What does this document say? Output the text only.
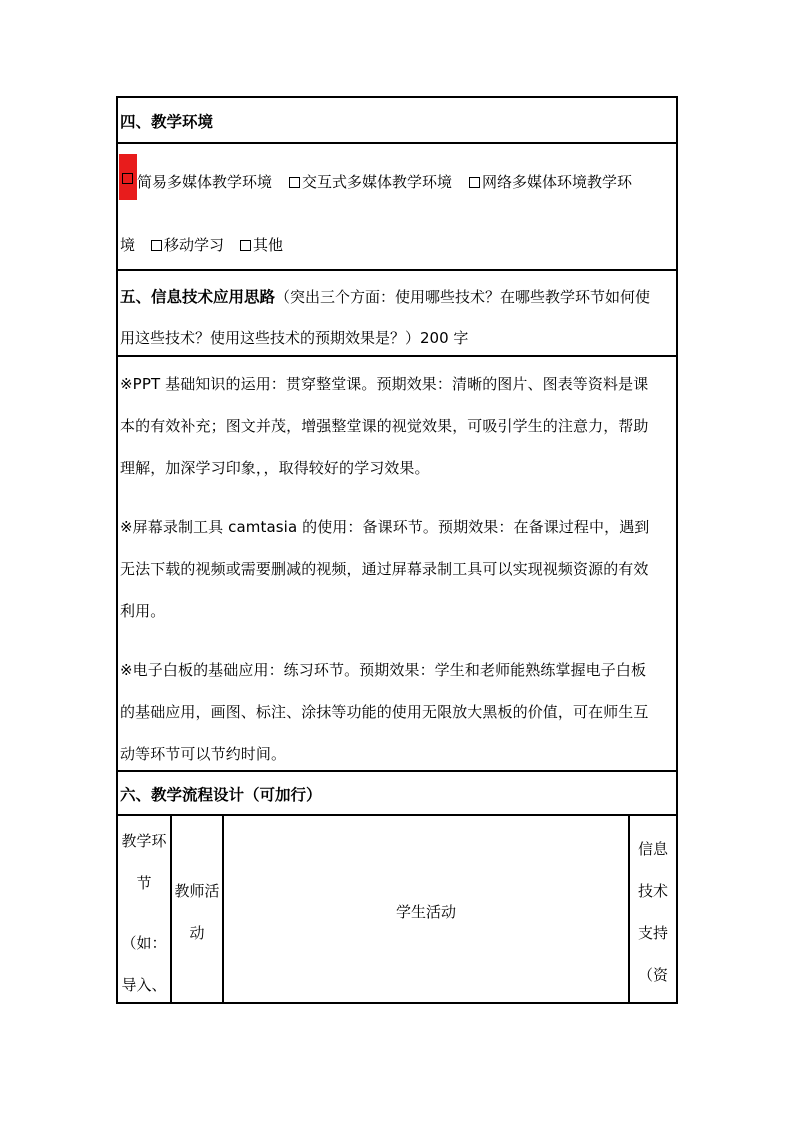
四、教学环境
简易多媒体教学环境 交互式多媒体教学环境 网络多媒体环境教学环
境 移动学习 其他
五、信息技术应用思路（突出三个方面：使用哪些技术？在哪些教学环节如何使
用这些技术？使用这些技术的预期效果是？）200 字
※PPT 基础知识的运用：贯穿整堂课。预期效果：清晰的图片、图表等资料是课
本的有效补充；图文并茂，增强整堂课的视觉效果，可吸引学生的注意力，帮助
理解，加深学习印象，，取得较好的学习效果。
※屏幕录制工具 camtasia 的使用：备课环节。预期效果：在备课过程中，遇到
无法下载的视频或需要删减的视频，通过屏幕录制工具可以实现视频资源的有效
利用。
※电子白板的基础应用：练习环节。预期效果：学生和老师能熟练掌握电子白板
的基础应用，画图、标注、涂抹等功能的使用无限放大黑板的价值，可在师生互
动等环节可以节约时间。
六、教学流程设计（可加行）
教学环
节
（如：
导入、
教师活
动
学生活动
信息
技术
支持
（资
